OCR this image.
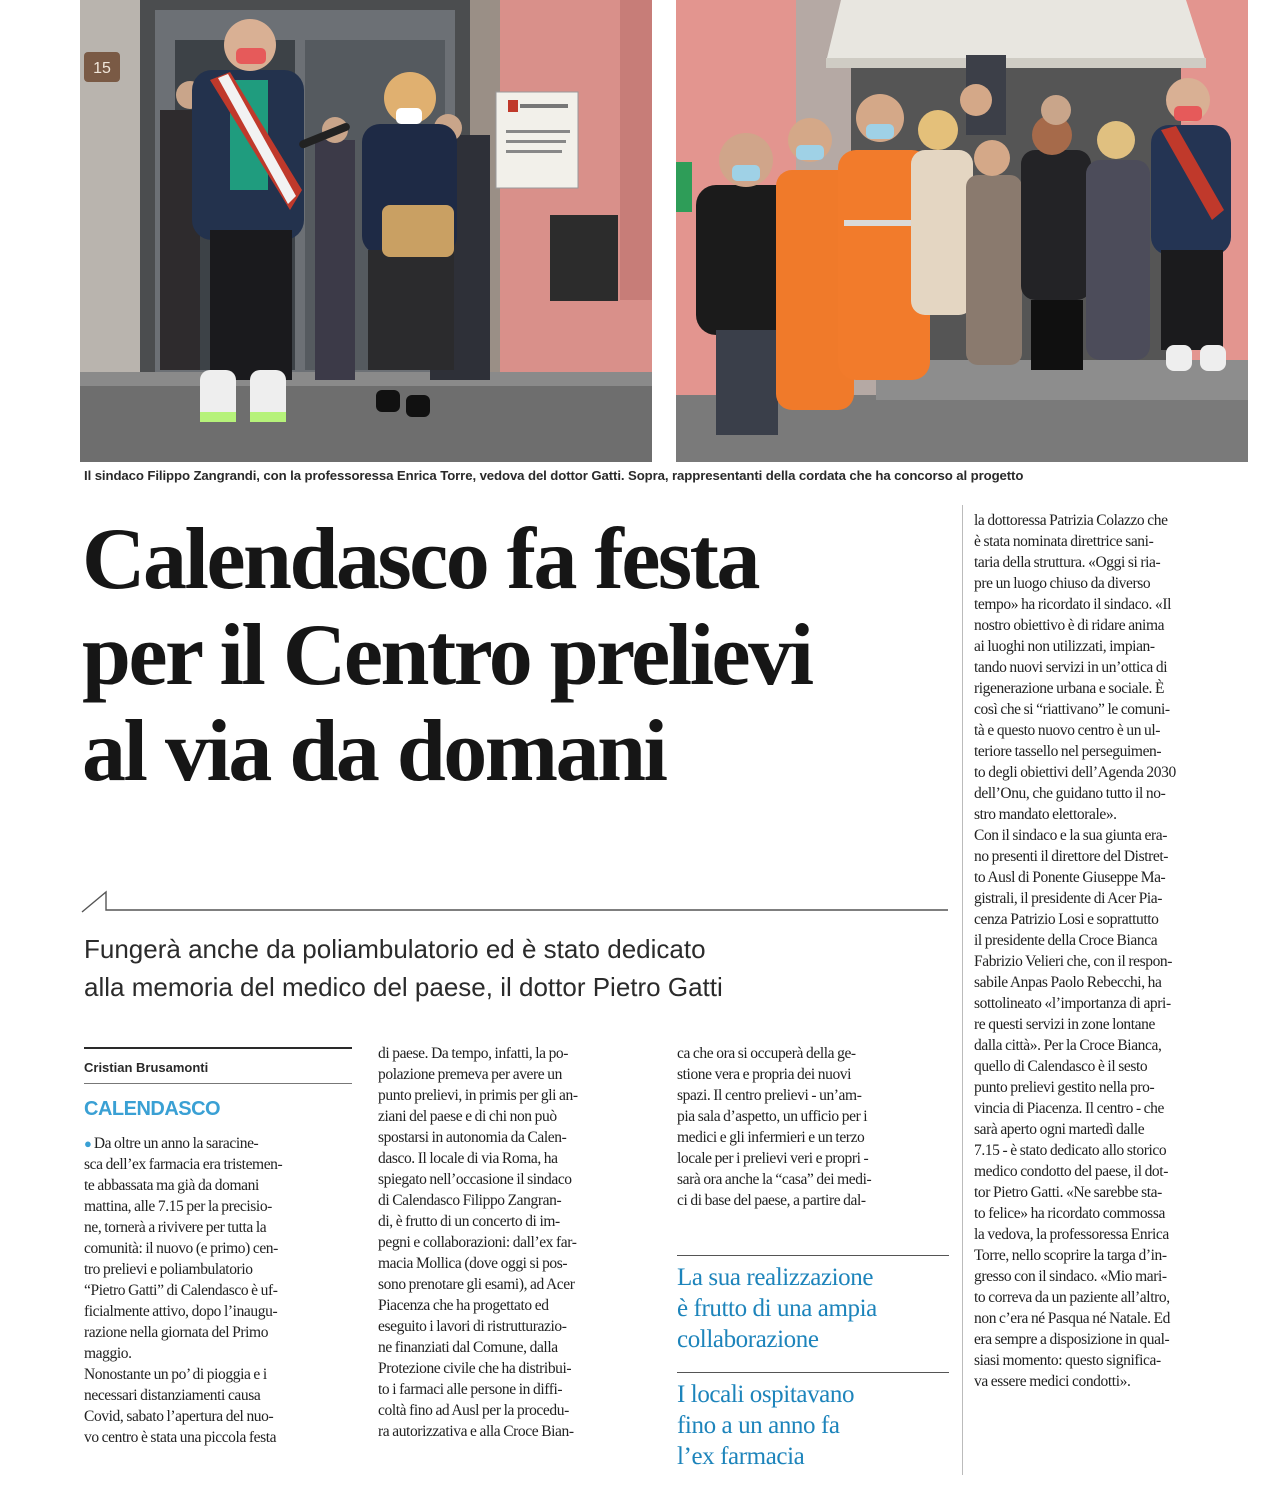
15
Il sindaco Filippo Zangrandi, con la professoressa Enrica Torre, vedova del dottor Gatti. Sopra, rappresentanti della cordata che ha concorso al progetto
Calendasco fa festa
per il Centro prelievi
al via da domani
Fungerà anche da poliambulatorio ed è stato dedicato
alla memoria del medico del paese, il dottor Pietro Gatti
Cristian Brusamonti
CALENDASCO
● Da oltre un anno la saracine-
sca dell’ex farmacia era tristemen-
te abbassata ma già da domani
mattina, alle 7.15 per la precisio-
ne, tornerà a rivivere per tutta la
comunità: il nuovo (e primo) cen-
tro prelievi e poliambulatorio
“Pietro Gatti” di Calendasco è uf-
ficialmente attivo, dopo l’inaugu-
razione nella giornata del Primo
maggio.
Nonostante un po’ di pioggia e i
necessari distanziamenti causa
Covid, sabato l’apertura del nuo-
vo centro è stata una piccola festa
di paese. Da tempo, infatti, la po-
polazione premeva per avere un
punto prelievi, in primis per gli an-
ziani del paese e di chi non può
spostarsi in autonomia da Calen-
dasco. Il locale di via Roma, ha
spiegato nell’occasione il sindaco
di Calendasco Filippo Zangran-
di, è frutto di un concerto di im-
pegni e collaborazioni: dall’ex far-
macia Mollica (dove oggi si pos-
sono prenotare gli esami), ad Acer
Piacenza che ha progettato ed
eseguito i lavori di ristrutturazio-
ne finanziati dal Comune, dalla
Protezione civile che ha distribui-
to i farmaci alle persone in diffi-
coltà fino ad Ausl per la procedu-
ra autorizzativa e alla Croce Bian-
ca che ora si occuperà della ge-
stione vera e propria dei nuovi
spazi. Il centro prelievi - un’am-
pia sala d’aspetto, un ufficio per i
medici e gli infermieri e un terzo
locale per i prelievi veri e propri -
sarà ora anche la “casa” dei medi-
ci di base del paese, a partire dal-
la dottoressa Patrizia Colazzo che
è stata nominata direttrice sani-
taria della struttura. «Oggi si ria-
pre un luogo chiuso da diverso
tempo» ha ricordato il sindaco. «Il
nostro obiettivo è di ridare anima
ai luoghi non utilizzati, impian-
tando nuovi servizi in un’ottica di
rigenerazione urbana e sociale. È
così che si “riattivano” le comuni-
tà e questo nuovo centro è un ul-
teriore tassello nel perseguimen-
to degli obiettivi dell’Agenda 2030
dell’Onu, che guidano tutto il no-
stro mandato elettorale».
Con il sindaco e la sua giunta era-
no presenti il direttore del Distret-
to Ausl di Ponente Giuseppe Ma-
gistrali, il presidente di Acer Pia-
cenza Patrizio Losi e soprattutto
il presidente della Croce Bianca
Fabrizio Velieri che, con il respon-
sabile Anpas Paolo Rebecchi, ha
sottolineato «l’importanza di apri-
re questi servizi in zone lontane
dalla città». Per la Croce Bianca,
quello di Calendasco è il sesto
punto prelievi gestito nella pro-
vincia di Piacenza. Il centro - che
sarà aperto ogni martedì dalle
7.15 - è stato dedicato allo storico
medico condotto del paese, il dot-
tor Pietro Gatti. «Ne sarebbe sta-
to felice» ha ricordato commossa
la vedova, la professoressa Enrica
Torre, nello scoprire la targa d’in-
gresso con il sindaco. «Mio mari-
to correva da un paziente all’altro,
non c’era né Pasqua né Natale. Ed
era sempre a disposizione in qual-
siasi momento: questo significa-
va essere medici condotti».
La sua realizzazione
è frutto di una ampia
collaborazione
I locali ospitavano
fino a un anno fa
l’ex farmacia
